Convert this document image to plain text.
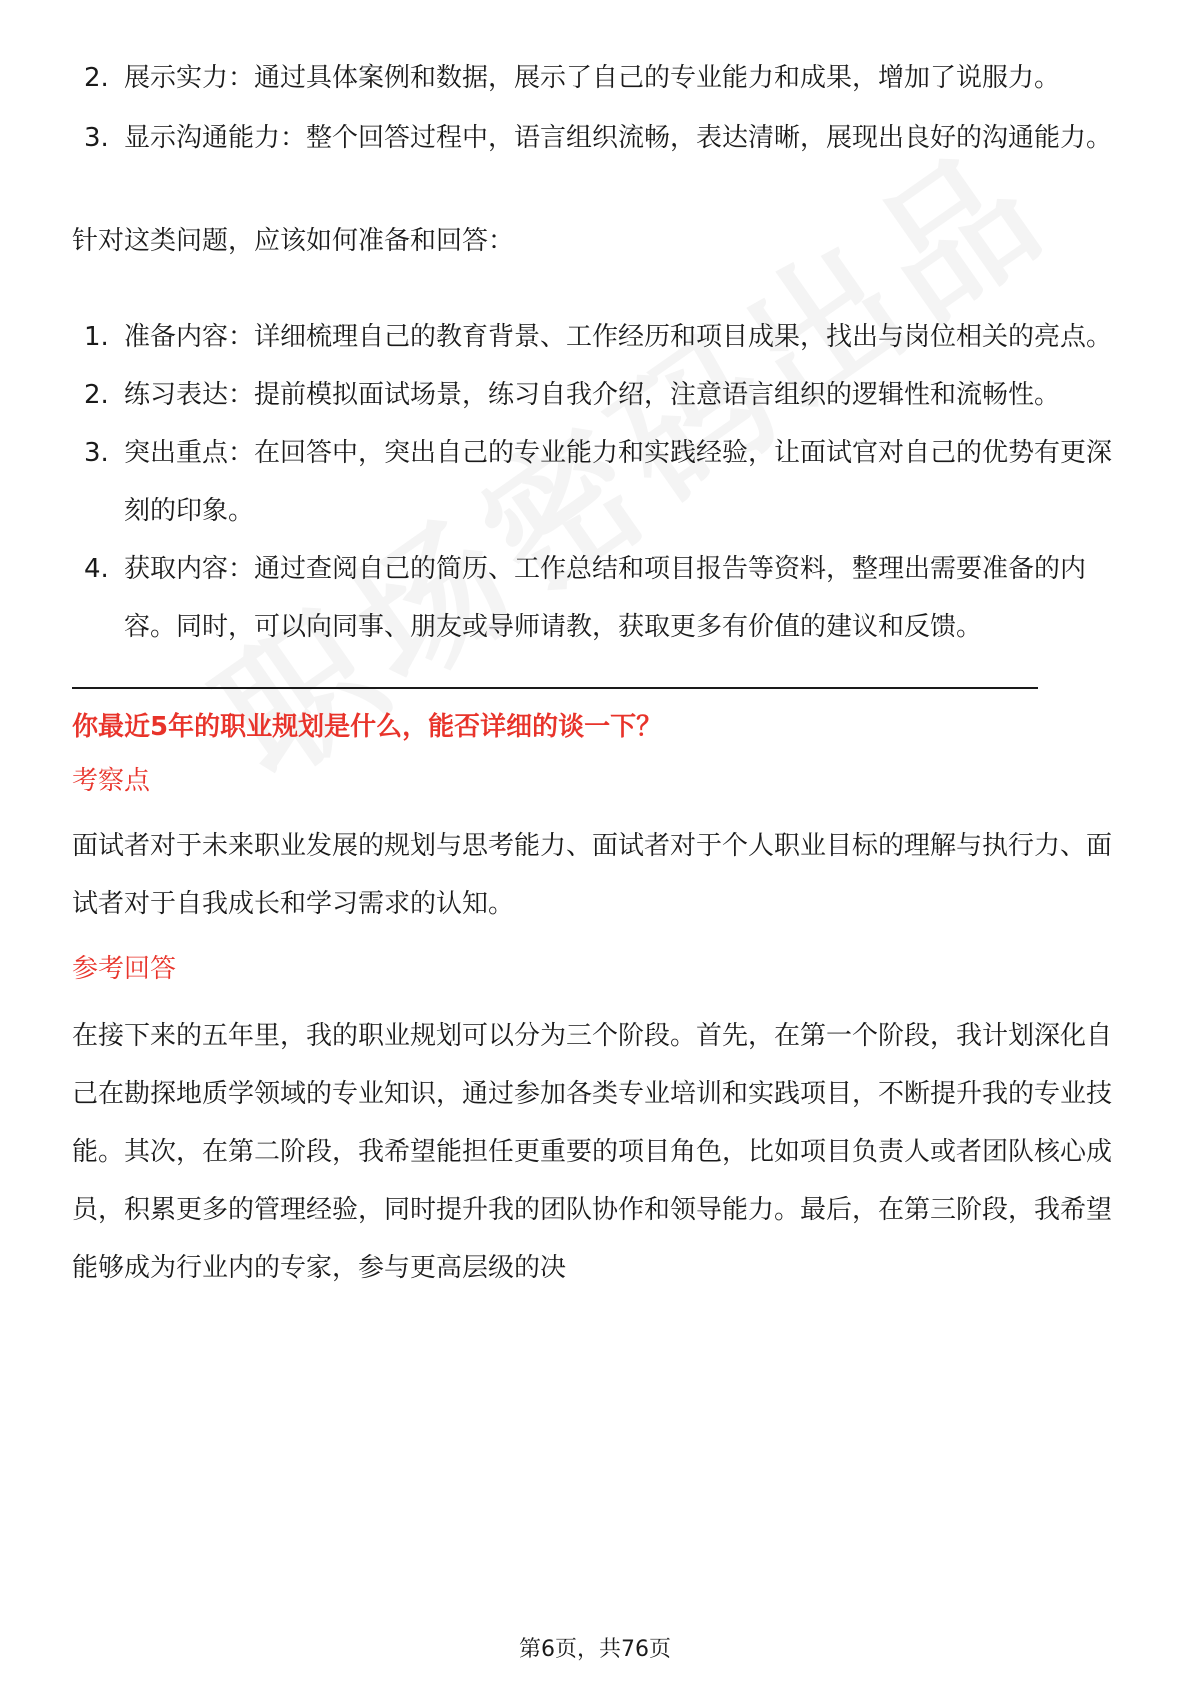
2. 展示实力：通过具体案例和数据，展示了自己的专业能力和成果，增加了说服力。
3. 显示沟通能力：整个回答过程中，语言组织流畅，表达清晰，展现出良好的沟通能力。

针对这类问题，应该如何准备和回答：

1. 准备内容：详细梳理自己的教育背景、工作经历和项目成果，找出与岗位相关的亮点。
2. 练习表达：提前模拟面试场景，练习自我介绍，注意语言组织的逻辑性和流畅性。
3. 突出重点：在回答中，突出自己的专业能力和实践经验，让面试官对自己的优势有更深刻的印象。
4. 获取内容：通过查阅自己的简历、工作总结和项目报告等资料，整理出需要准备的内容。同时，可以向同事、朋友或导师请教，获取更多有价值的建议和反馈。

你最近5年的职业规划是什么，能否详细的谈一下？

考察点

面试者对于未来职业发展的规划与思考能力、面试者对于个人职业目标的理解与执行力、面试者对于自我成长和学习需求的认知。

参考回答

在接下来的五年里，我的职业规划可以分为三个阶段。首先，在第一个阶段，我计划深化自己在勘探地质学领域的专业知识，通过参加各类专业培训和实践项目，不断提升我的专业技能。其次，在第二阶段，我希望能担任更重要的项目角色，比如项目负责人或者团队核心成员，积累更多的管理经验，同时提升我的团队协作和领导能力。最后，在第三阶段，我希望能够成为行业内的专家，参与更高层级的决

第6页，共76页
